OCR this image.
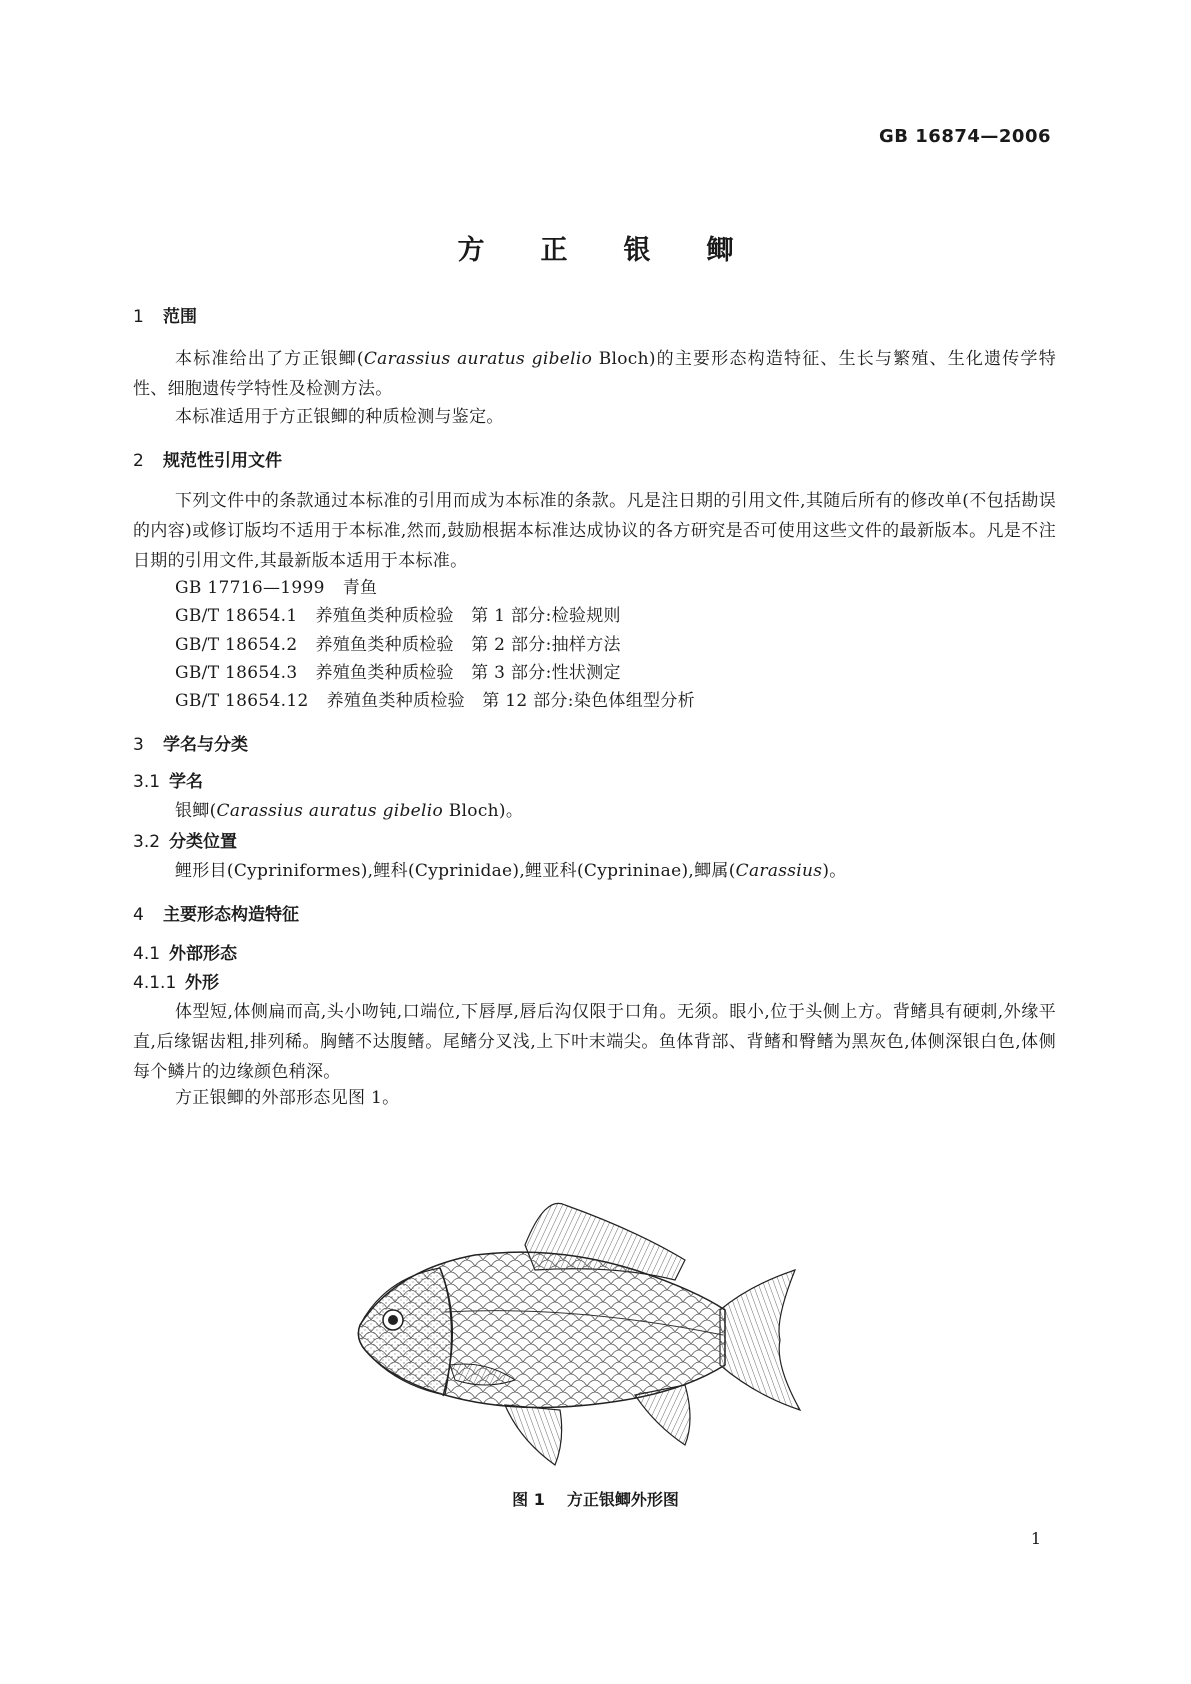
GB 16874—2006
方正银鲫
1 范围

本标准给出了方正银鲫(Carassius auratus gibelio Bloch)的主要形态构造特征、生长与繁殖、生化遗传学特性、细胞遗传学特性及检测方法。

本标准适用于方正银鲫的种质检测与鉴定。

2 规范性引用文件

下列文件中的条款通过本标准的引用而成为本标准的条款。凡是注日期的引用文件,其随后所有的修改单(不包括勘误的内容)或修订版均不适用于本标准,然而,鼓励根据本标准达成协议的各方研究是否可使用这些文件的最新版本。凡是不注日期的引用文件,其最新版本适用于本标准。

GB 17716—1999 青鱼
GB/T 18654.1 养殖鱼类种质检验　第 1 部分:检验规则
GB/T 18654.2 养殖鱼类种质检验　第 2 部分:抽样方法
GB/T 18654.3 养殖鱼类种质检验　第 3 部分:性状测定
GB/T 18654.12 养殖鱼类种质检验　第 12 部分:染色体组型分析
3 学名与分类
3.1 学名
银鲫(Carassius auratus gibelio Bloch)。
3.2 分类位置
鲤形目(Cypriniformes),鲤科(Cyprinidae),鲤亚科(Cyprininae),鲫属(Carassius)。
4 主要形态构造特征
4.1 外部形态
4.1.1 外形

体型短,体侧扁而高,头小吻钝,口端位,下唇厚,唇后沟仅限于口角。无须。眼小,位于头侧上方。背鳍具有硬刺,外缘平直,后缘锯齿粗,排列稀。胸鳍不达腹鳍。尾鳍分叉浅,上下叶末端尖。鱼体背部、背鳍和臀鳍为黑灰色,体侧深银白色,体侧每个鳞片的边缘颜色稍深。

方正银鲫的外部形态见图 1。

图 1 方正银鲫外形图
1
